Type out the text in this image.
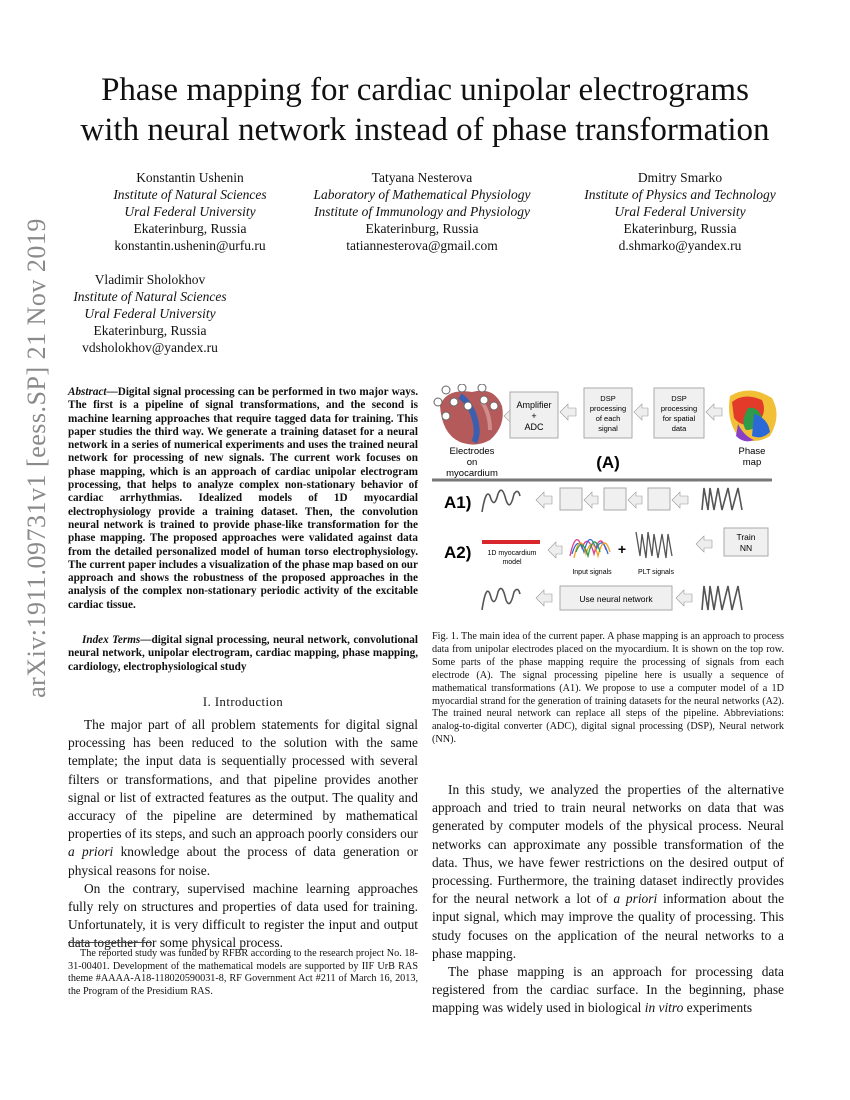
Phase mapping for cardiac unipolar electrograms
with neural network instead of phase transformation
Konstantin Ushenin
Institute of Natural Sciences
Ural Federal University
Ekaterinburg, Russia
konstantin.ushenin@urfu.ru
Tatyana Nesterova
Laboratory of Mathematical Physiology
Institute of Immunology and Physiology
Ekaterinburg, Russia
tatiannesterova@gmail.com
Dmitry Smarko
Institute of Physics and Technology
Ural Federal University
Ekaterinburg, Russia
d.shmarko@yandex.ru
Vladimir Sholokhov
Institute of Natural Sciences
Ural Federal University
Ekaterinburg, Russia
vdsholokhov@yandex.ru
arXiv:1911.09731v1 [eess.SP] 21 Nov 2019 Abstract—Digital signal processing can be performed in two major ways. The first is a pipeline of signal transformations, and the second is machine learning approaches that require tagged data for training. This paper studies the third way. We generate a training dataset for a neural network in a series of numerical experiments and uses the trained neural network for processing of new signals. The current work focuses on phase mapping, which is an approach of cardiac unipolar electrogram processing, that helps to analyze complex non-stationary behavior of cardiac arrhythmias. Idealized models of 1D myocardial electrophysiology provide a training dataset. Then, the convolution neural network is trained to provide phase-like transformation for the phase mapping. The proposed approaches were validated against data from the detailed personalized model of human torso electrophysiology. The current paper includes a visualization of the phase map based on our approach and shows the robustness of the proposed approaches in the analysis of the complex non-stationary periodic activity of the excitable cardiac tissue.
Index Terms—digital signal processing, neural network, convolutional neural network, unipolar electrogram, cardiac mapping, phase mapping, cardiology, electrophysiological study
I. Introduction

The major part of all problem statements for digital signal processing has been reduced to the solution with the same template; the input data is sequentially processed with several filters or transformations, and that pipeline provides another signal or list of extracted features as the output. The quality and accuracy of the pipeline are determined by mathematical properties of its steps, and such an approach poorly considers our a priori knowledge about the process of data generation or physical reasons for noise.

On the contrary, supervised machine learning approaches fully rely on structures and properties of data used for training. Unfortunately, it is very difficult to register the input and output data together for some physical process.

The reported study was funded by RFBR according to the research project No. 18-31-00401. Development of the mathematical models are supported by IIF UrB RAS theme #AAAA-A18-118020590031-8, RF Government Act #211 of March 16, 2013, the Program of the Presidium RAS.
Electrodes
on
myocardium
Amplifier
+
ADC
DSP
processing
of each
signal
DSP
processing
for spatial
data
Phase
map
(A)
A1)
A2) 1D myocardium
model
Input signals
+
PLT signals
Train
NN
Use neural network
Fig. 1. The main idea of the current paper. A phase mapping is an approach to process data from unipolar electrodes placed on the myocardium. It is shown on the top row. Some parts of the phase mapping require the processing of signals from each electrode (A). The signal processing pipeline here is usually a sequence of mathematical transformations (A1). We propose to use a computer model of a 1D myocardial strand for the generation of training datasets for the neural networks (A2). The trained neural network can replace all steps of the pipeline. Abbreviations: analog-to-digital converter (ADC), digital signal processing (DSP), Neural network (NN).

In this study, we analyzed the properties of the alternative approach and tried to train neural networks on data that was generated by computer models of the physical process. Neural networks can approximate any possible transformation of the data. Thus, we have fewer restrictions on the desired output of processing. Furthermore, the training dataset indirectly provides for the neural network a lot of a priori information about the input signal, which may improve the quality of processing. This study focuses on the application of the neural networks to a phase mapping.

The phase mapping is an approach for processing data registered from the cardiac surface. In the beginning, phase mapping was widely used in biological in vitro experiments
